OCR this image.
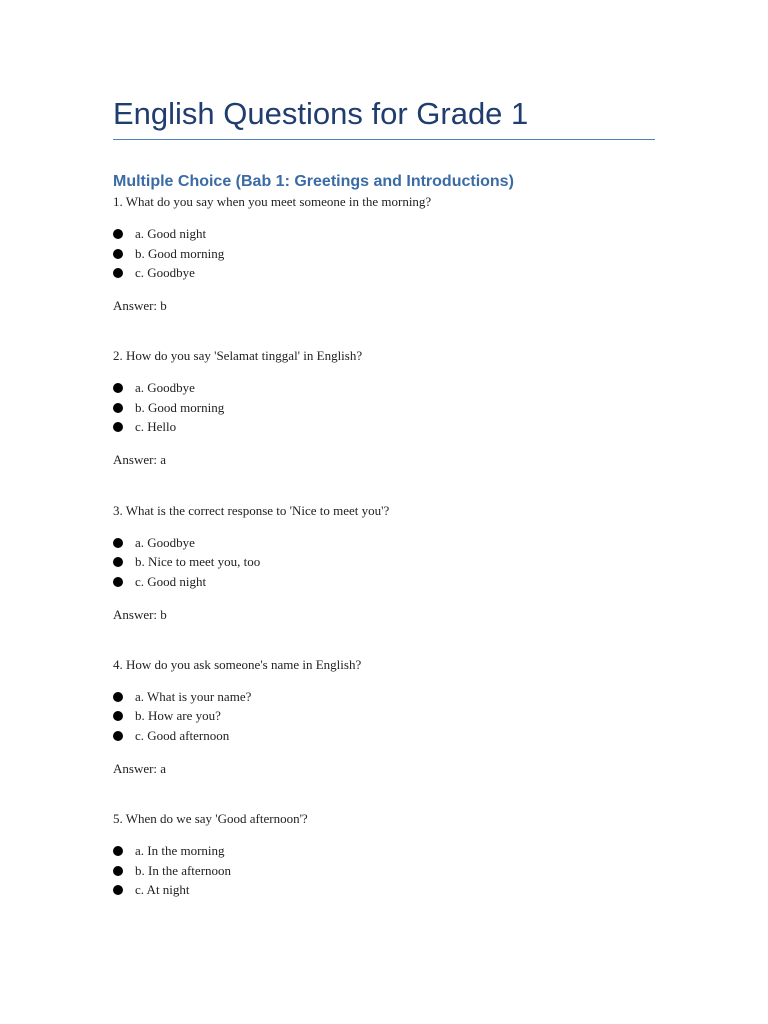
English Questions for Grade 1
Multiple Choice (Bab 1: Greetings and Introductions)
1. What do you say when you meet someone in the morning?
a. Good night
b. Good morning
c. Goodbye
Answer: b
2. How do you say 'Selamat tinggal' in English?
a. Goodbye
b. Good morning
c. Hello
Answer: a
3. What is the correct response to 'Nice to meet you'?
a. Goodbye
b. Nice to meet you, too
c. Good night
Answer: b
4. How do you ask someone's name in English?
a. What is your name?
b. How are you?
c. Good afternoon
Answer: a
5. When do we say 'Good afternoon'?
a. In the morning
b. In the afternoon
c. At night
